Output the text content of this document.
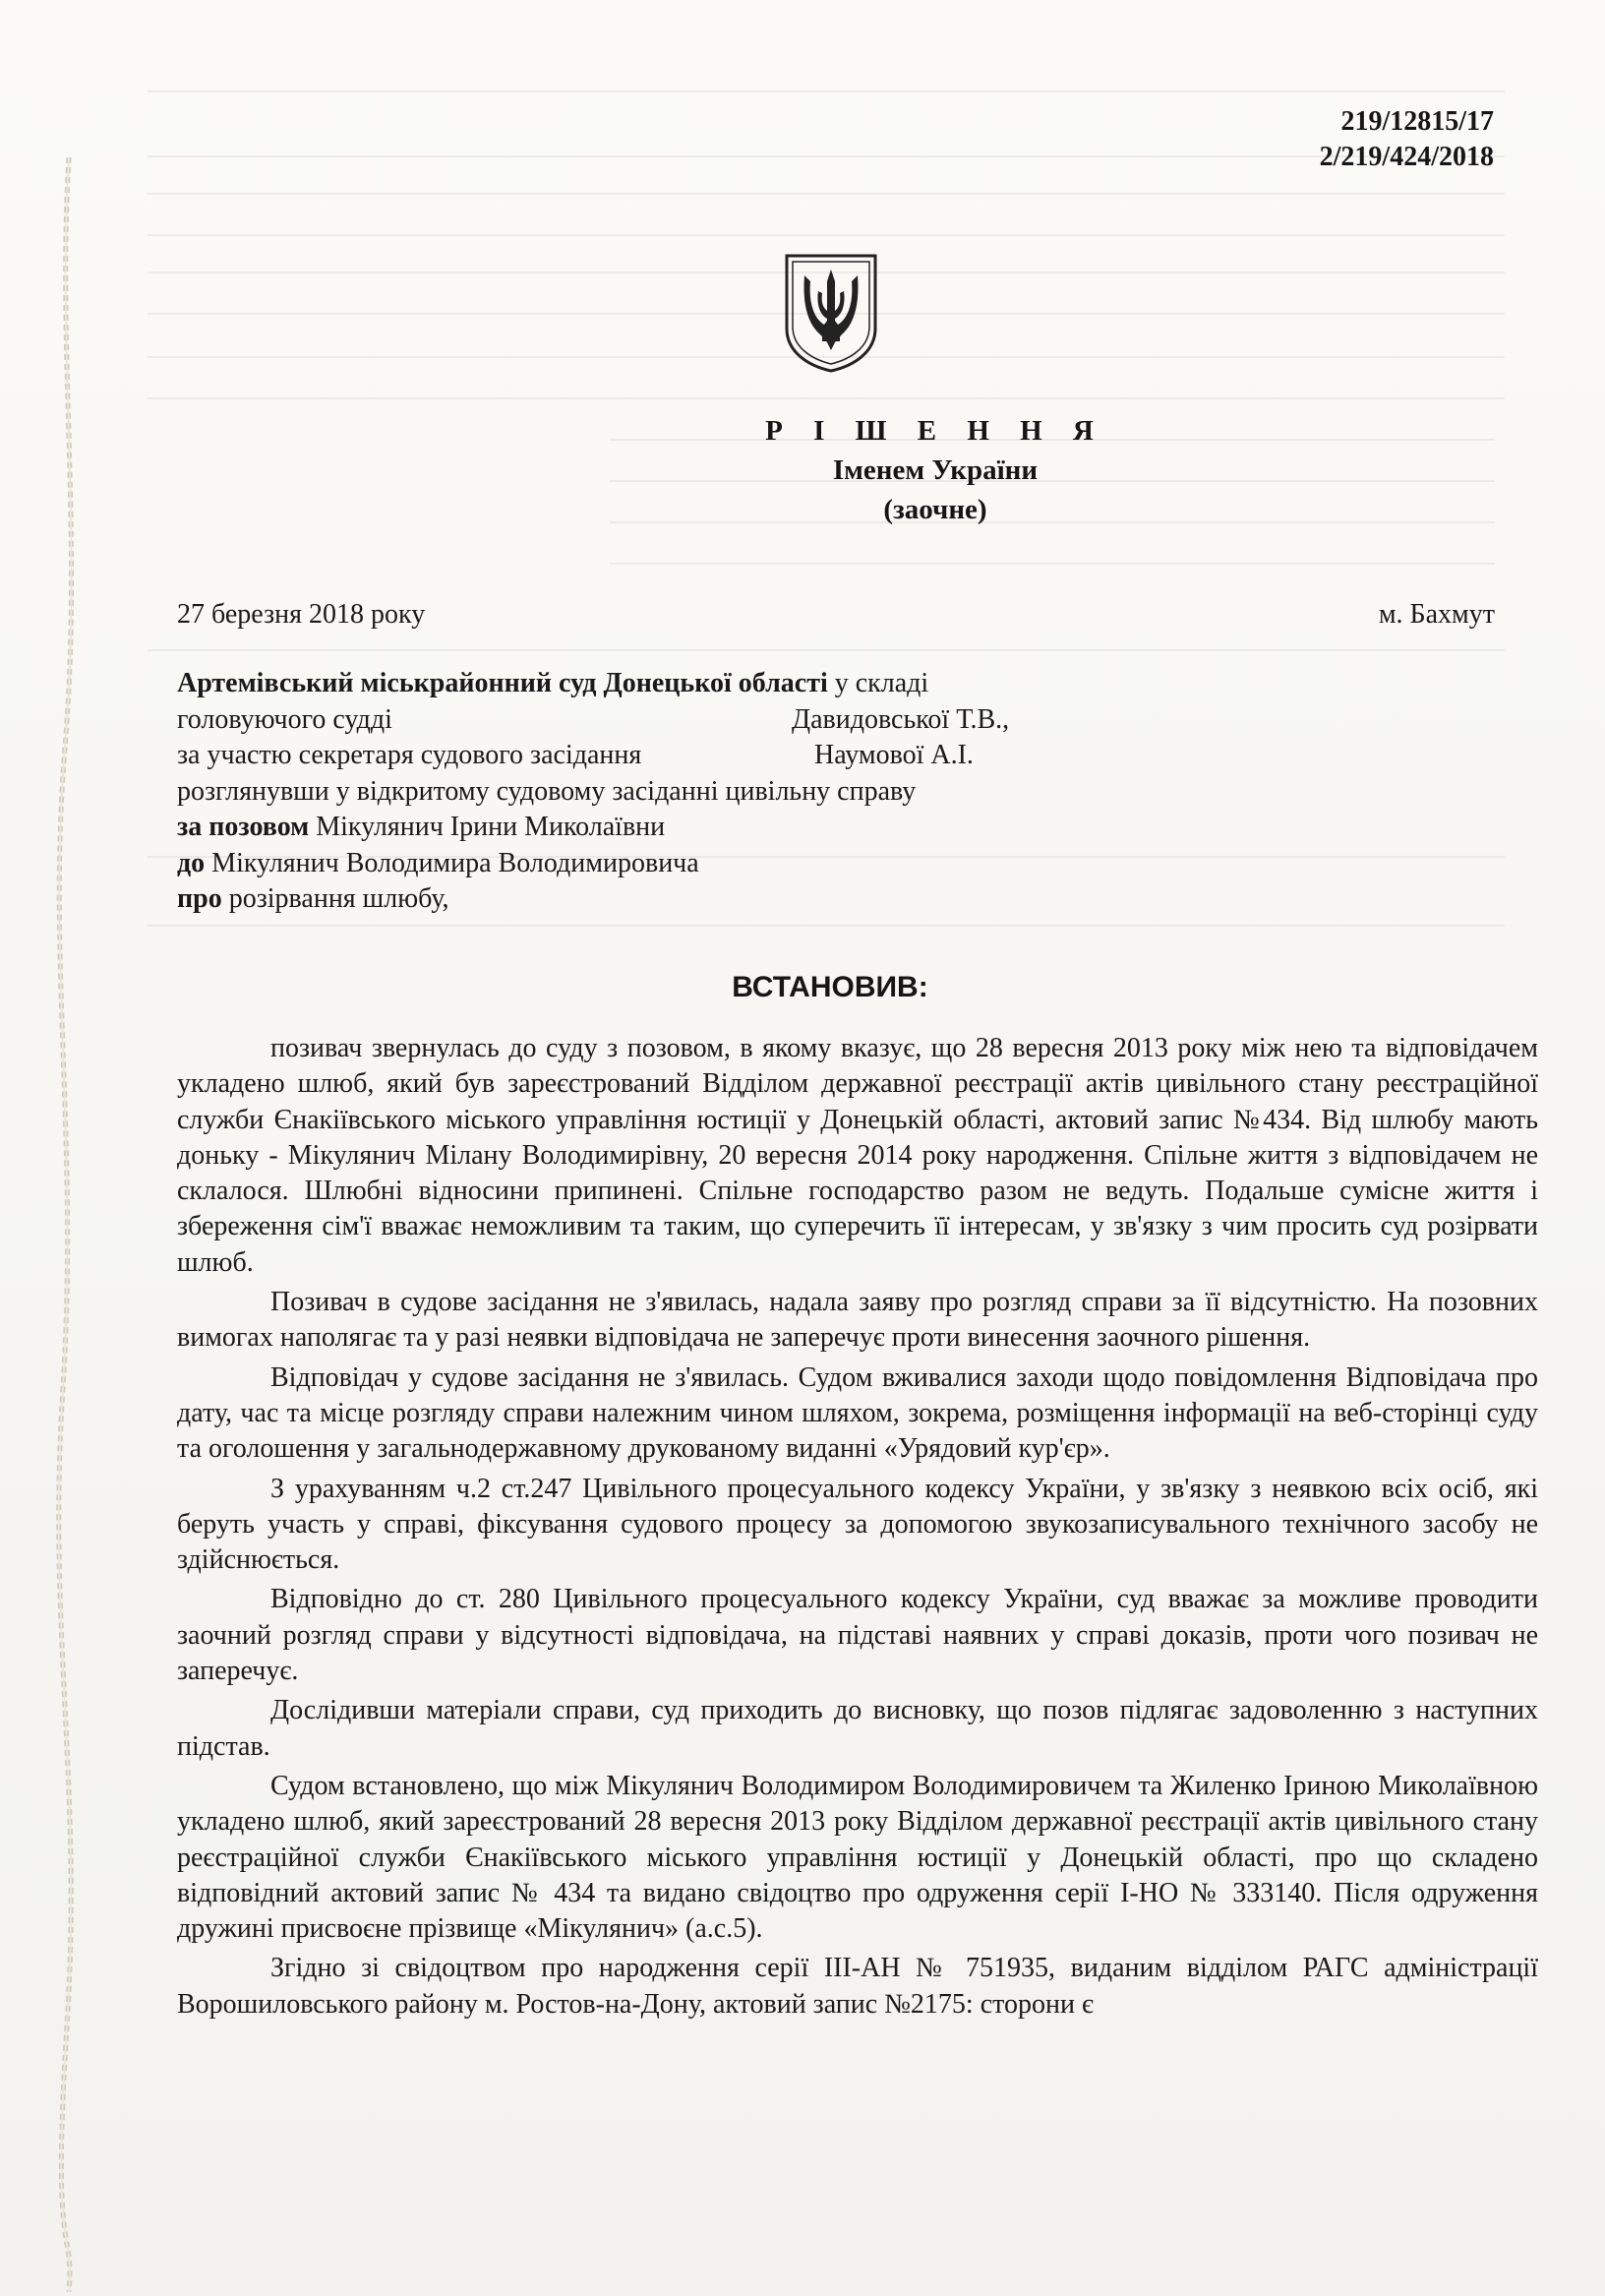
219/12815/17
2/219/424/2018
Р І Ш Е Н Н Я
Іменем України
(заочне)
27 березня 2018 року	м. Бахмут
Артемівський міськрайонний суд Донецької області у складі
головуючого судді	Давидовської Т.В.,
за участю секретаря судового засідання	Наумової А.І.
розглянувши у відкритому судовому засіданні цивільну справу
за позовом Мікулянич Ірини Миколаївни
до Мікулянич Володимира Володимировича
про розірвання шлюбу,
ВСТАНОВИВ:

позивач звернулась до суду з позовом, в якому вказує, що 28 вересня 2013 року між нею та відповідачем укладено шлюб, який був зареєстрований Відділом державної реєстрації актів цивільного стану реєстраційної служби Єнакіївського міського управління юстиції у Донецькій області, актовий запис №434. Від шлюбу мають доньку - Мікулянич Мілану Володимирівну, 20 вересня 2014 року народження. Спільне життя з відповідачем не склалося. Шлюбні відносини припинені. Спільне господарство разом не ведуть. Подальше сумісне життя і збереження сім'ї вважає неможливим та таким, що суперечить її інтересам, у зв'язку з чим просить суд розірвати шлюб.

Позивач в судове засідання не з'явилась, надала заяву про розгляд справи за її відсутністю. На позовних вимогах наполягає та у разі неявки відповідача не заперечує проти винесення заочного рішення.

Відповідач у судове засідання не з'явилась. Судом вживалися заходи щодо повідомлення Відповідача про дату, час та місце розгляду справи належним чином шляхом, зокрема, розміщення інформації на веб-сторінці суду та оголошення у загальнодержавному друкованому виданні «Урядовий кур'єр».

З урахуванням ч.2 ст.247 Цивільного процесуального кодексу України, у зв'язку з неявкою всіх осіб, які беруть участь у справі, фіксування судового процесу за допомогою звукозаписувального технічного засобу не здійснюється.

Відповідно до ст. 280 Цивільного процесуального кодексу України, суд вважає за можливе проводити заочний розгляд справи у відсутності відповідача, на підставі наявних у справі доказів, проти чого позивач не заперечує.

Дослідивши матеріали справи, суд приходить до висновку, що позов підлягає задоволенню з наступних підстав.

Судом встановлено, що між Мікулянич Володимиром Володимировичем та Жиленко Іриною Миколаївною укладено шлюб, який зареєстрований 28 вересня 2013 року Відділом державної реєстрації актів цивільного стану реєстраційної служби Єнакіївського міського управління юстиції у Донецькій області, про що складено відповідний актовий запис № 434 та видано свідоцтво про одруження серії І-НО № 333140. Після одруження дружині присвоєне прізвище «Мікулянич» (а.с.5).

Згідно зі свідоцтвом про народження серії ІІІ-АН № 751935, виданим відділом РАГС адміністрації Ворошиловського району м. Ростов-на-Дону, актовий запис №2175: сторони є
